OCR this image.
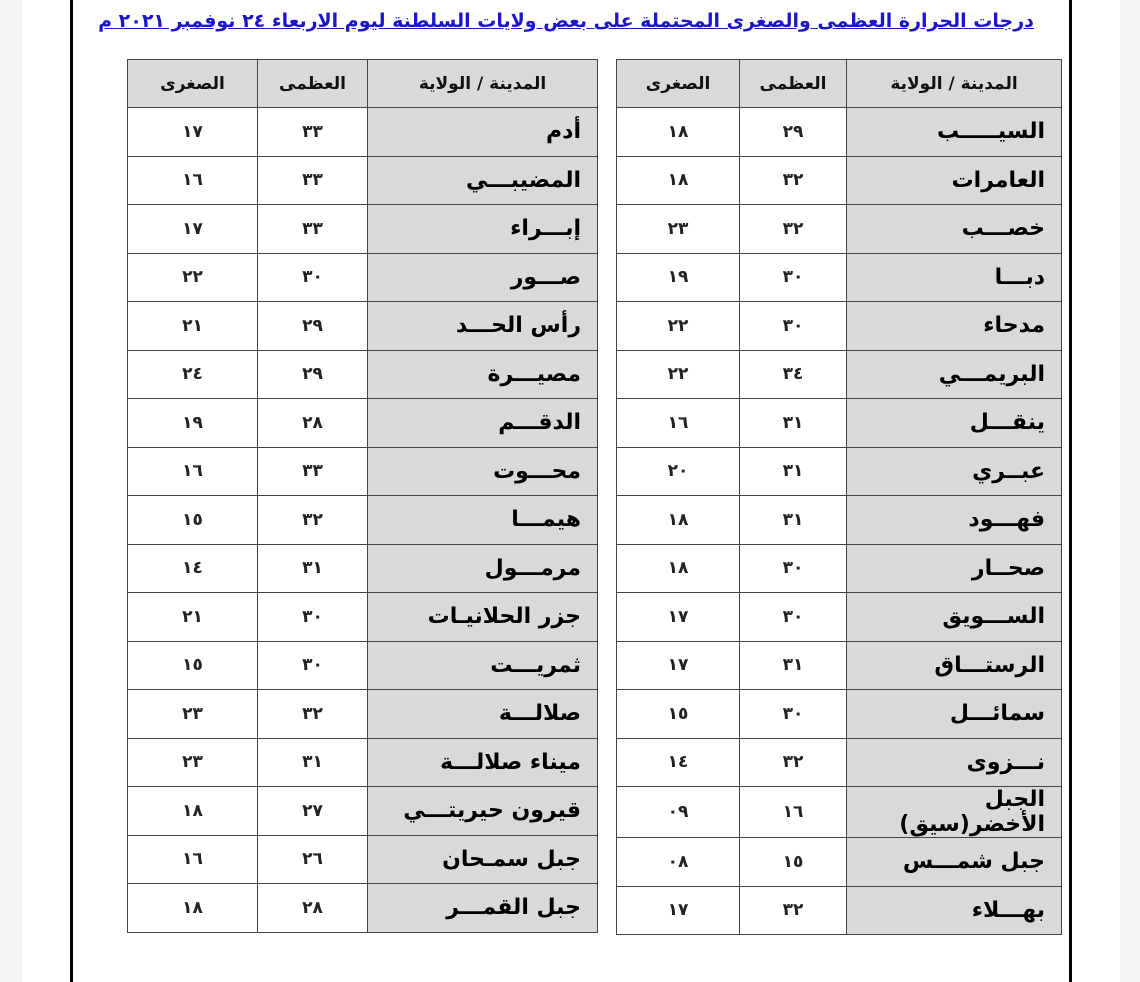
درجات الحرارة العظمى والصغرى المحتملة على بعض ولايات السلطنة ليوم الاربعاء ٢٤ نوفمبر ٢٠٢١ م
المدينة / الولاية	العظمى	الصغرى
السيـــــب	٢٩	١٨
العامرات	٣٢	١٨
خصـــب	٣٢	٢٣
دبـــا	٣٠	١٩
مدحاء	٣٠	٢٢
البريمـــي	٣٤	٢٢
ينقـــل	٣١	١٦
عبــري	٣١	٢٠
فهـــود	٣١	١٨
صحــار	٣٠	١٨
الســـويق	٣٠	١٧
الرستـــاق	٣١	١٧
سمائـــل	٣٠	١٥
نـــزوى	٣٢	١٤
الجبل الأخضر(سيق)	١٦	٠٩
جبل شمـــس	١٥	٠٨
بهـــلاء	٣٢	١٧
المدينة / الولاية	العظمى	الصغرى
أدم	٣٣	١٧
المضيبـــي	٣٣	١٦
إبـــراء	٣٣	١٧
صـــور	٣٠	٢٢
رأس الحـــد	٢٩	٢١
مصيـــرة	٢٩	٢٤
الدقـــم	٢٨	١٩
محـــوت	٣٣	١٦
هيمـــا	٣٢	١٥
مرمـــول	٣١	١٤
جزر الحلانيـات	٣٠	٢١
ثمريـــت	٣٠	١٥
صلالـــة	٣٢	٢٣
ميناء صلالـــة	٣١	٢٣
قيرون حيريتـــي	٢٧	١٨
جبل سمـحان	٢٦	١٦
جبل القمـــر	٢٨	١٨
